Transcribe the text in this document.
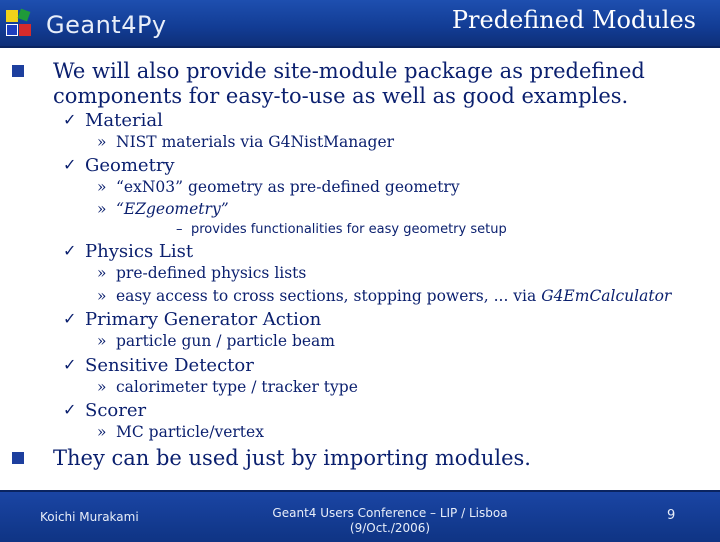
Geant4Py	Predefined Modules
We will also provide site-module package as predefined components for easy-to-use as well as good examples.
✓ Material
» NIST materials via G4NistManager
✓ Geometry
» “exN03” geometry as pre-defined geometry
» “EZgeometry”
– provides functionalities for easy geometry setup
✓ Physics List
» pre-defined physics lists
» easy access to cross sections, stopping powers, ... via G4EmCalculator
✓ Primary Generator Action
» particle gun / particle beam
✓ Sensitive Detector
» calorimeter type / tracker type
✓ Scorer
» MC particle/vertex
They can be used just by importing modules.
Koichi Murakami	Geant4 Users Conference – LIP / Lisboa
(9/Oct./2006)
9
